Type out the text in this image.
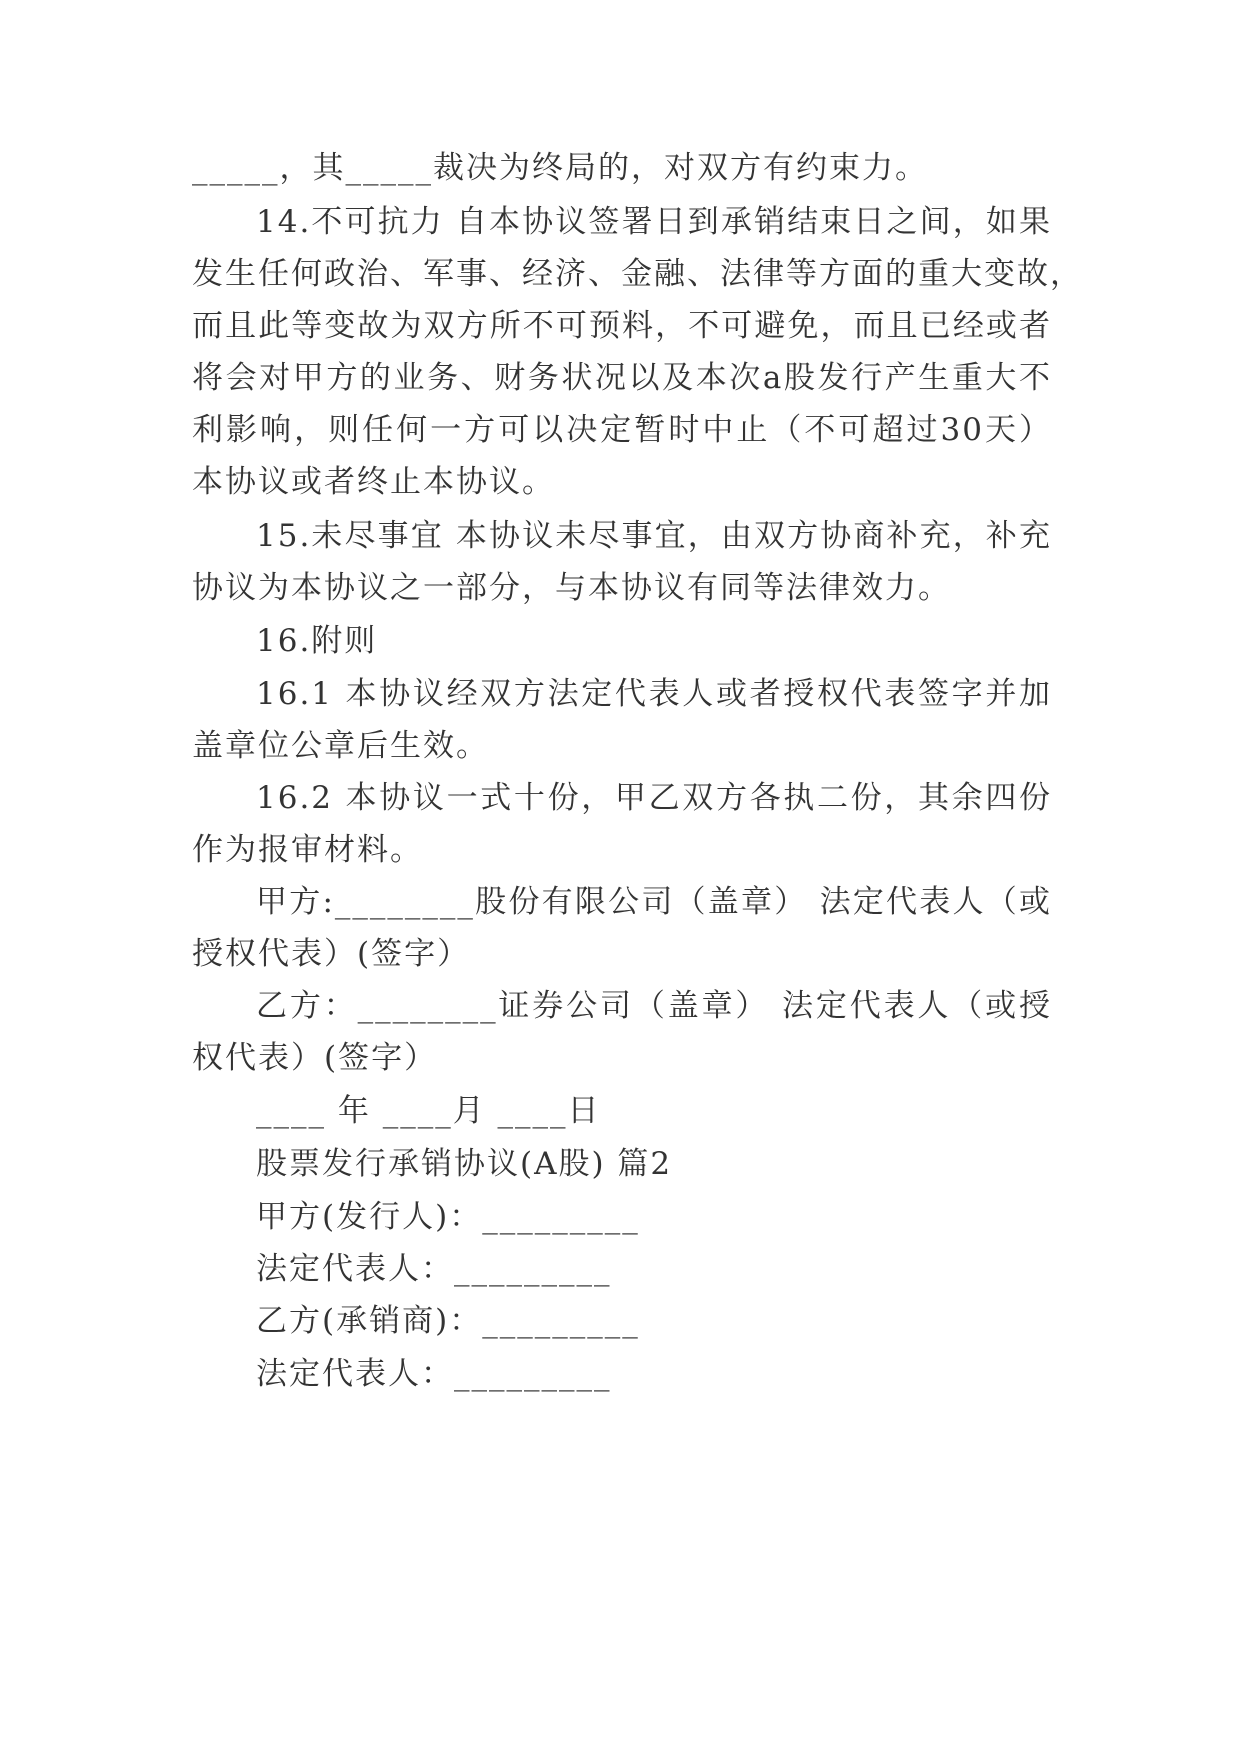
_____，其_____裁决为终局的，对双方有约束力。
14.不可抗力 自本协议签署日到承销结束日之间，如果
发生任何政治、军事、经济、金融、法律等方面的重大变故，
而且此等变故为双方所不可预料，不可避免，而且已经或者
将会对甲方的业务、财务状况以及本次a股发行产生重大不
利影响，则任何一方可以决定暂时中止（不可超过30天）
本协议或者终止本协议。
15.未尽事宜 本协议未尽事宜，由双方协商补充，补充
协议为本协议之一部分，与本协议有同等法律效力。
16.附则
16.1 本协议经双方法定代表人或者授权代表签字并加
盖章位公章后生效。
16.2 本协议一式十份，甲乙双方各执二份，其余四份
作为报审材料。
甲方:________股份有限公司（盖章） 法定代表人（或
授权代表）(签字）
乙方：________证券公司（盖章） 法定代表人（或授
权代表）(签字）
____ 年 ____月 ____日
股票发行承销协议(A股) 篇2
甲方(发行人)：_________
法定代表人：_________
乙方(承销商)：_________
法定代表人：_________
